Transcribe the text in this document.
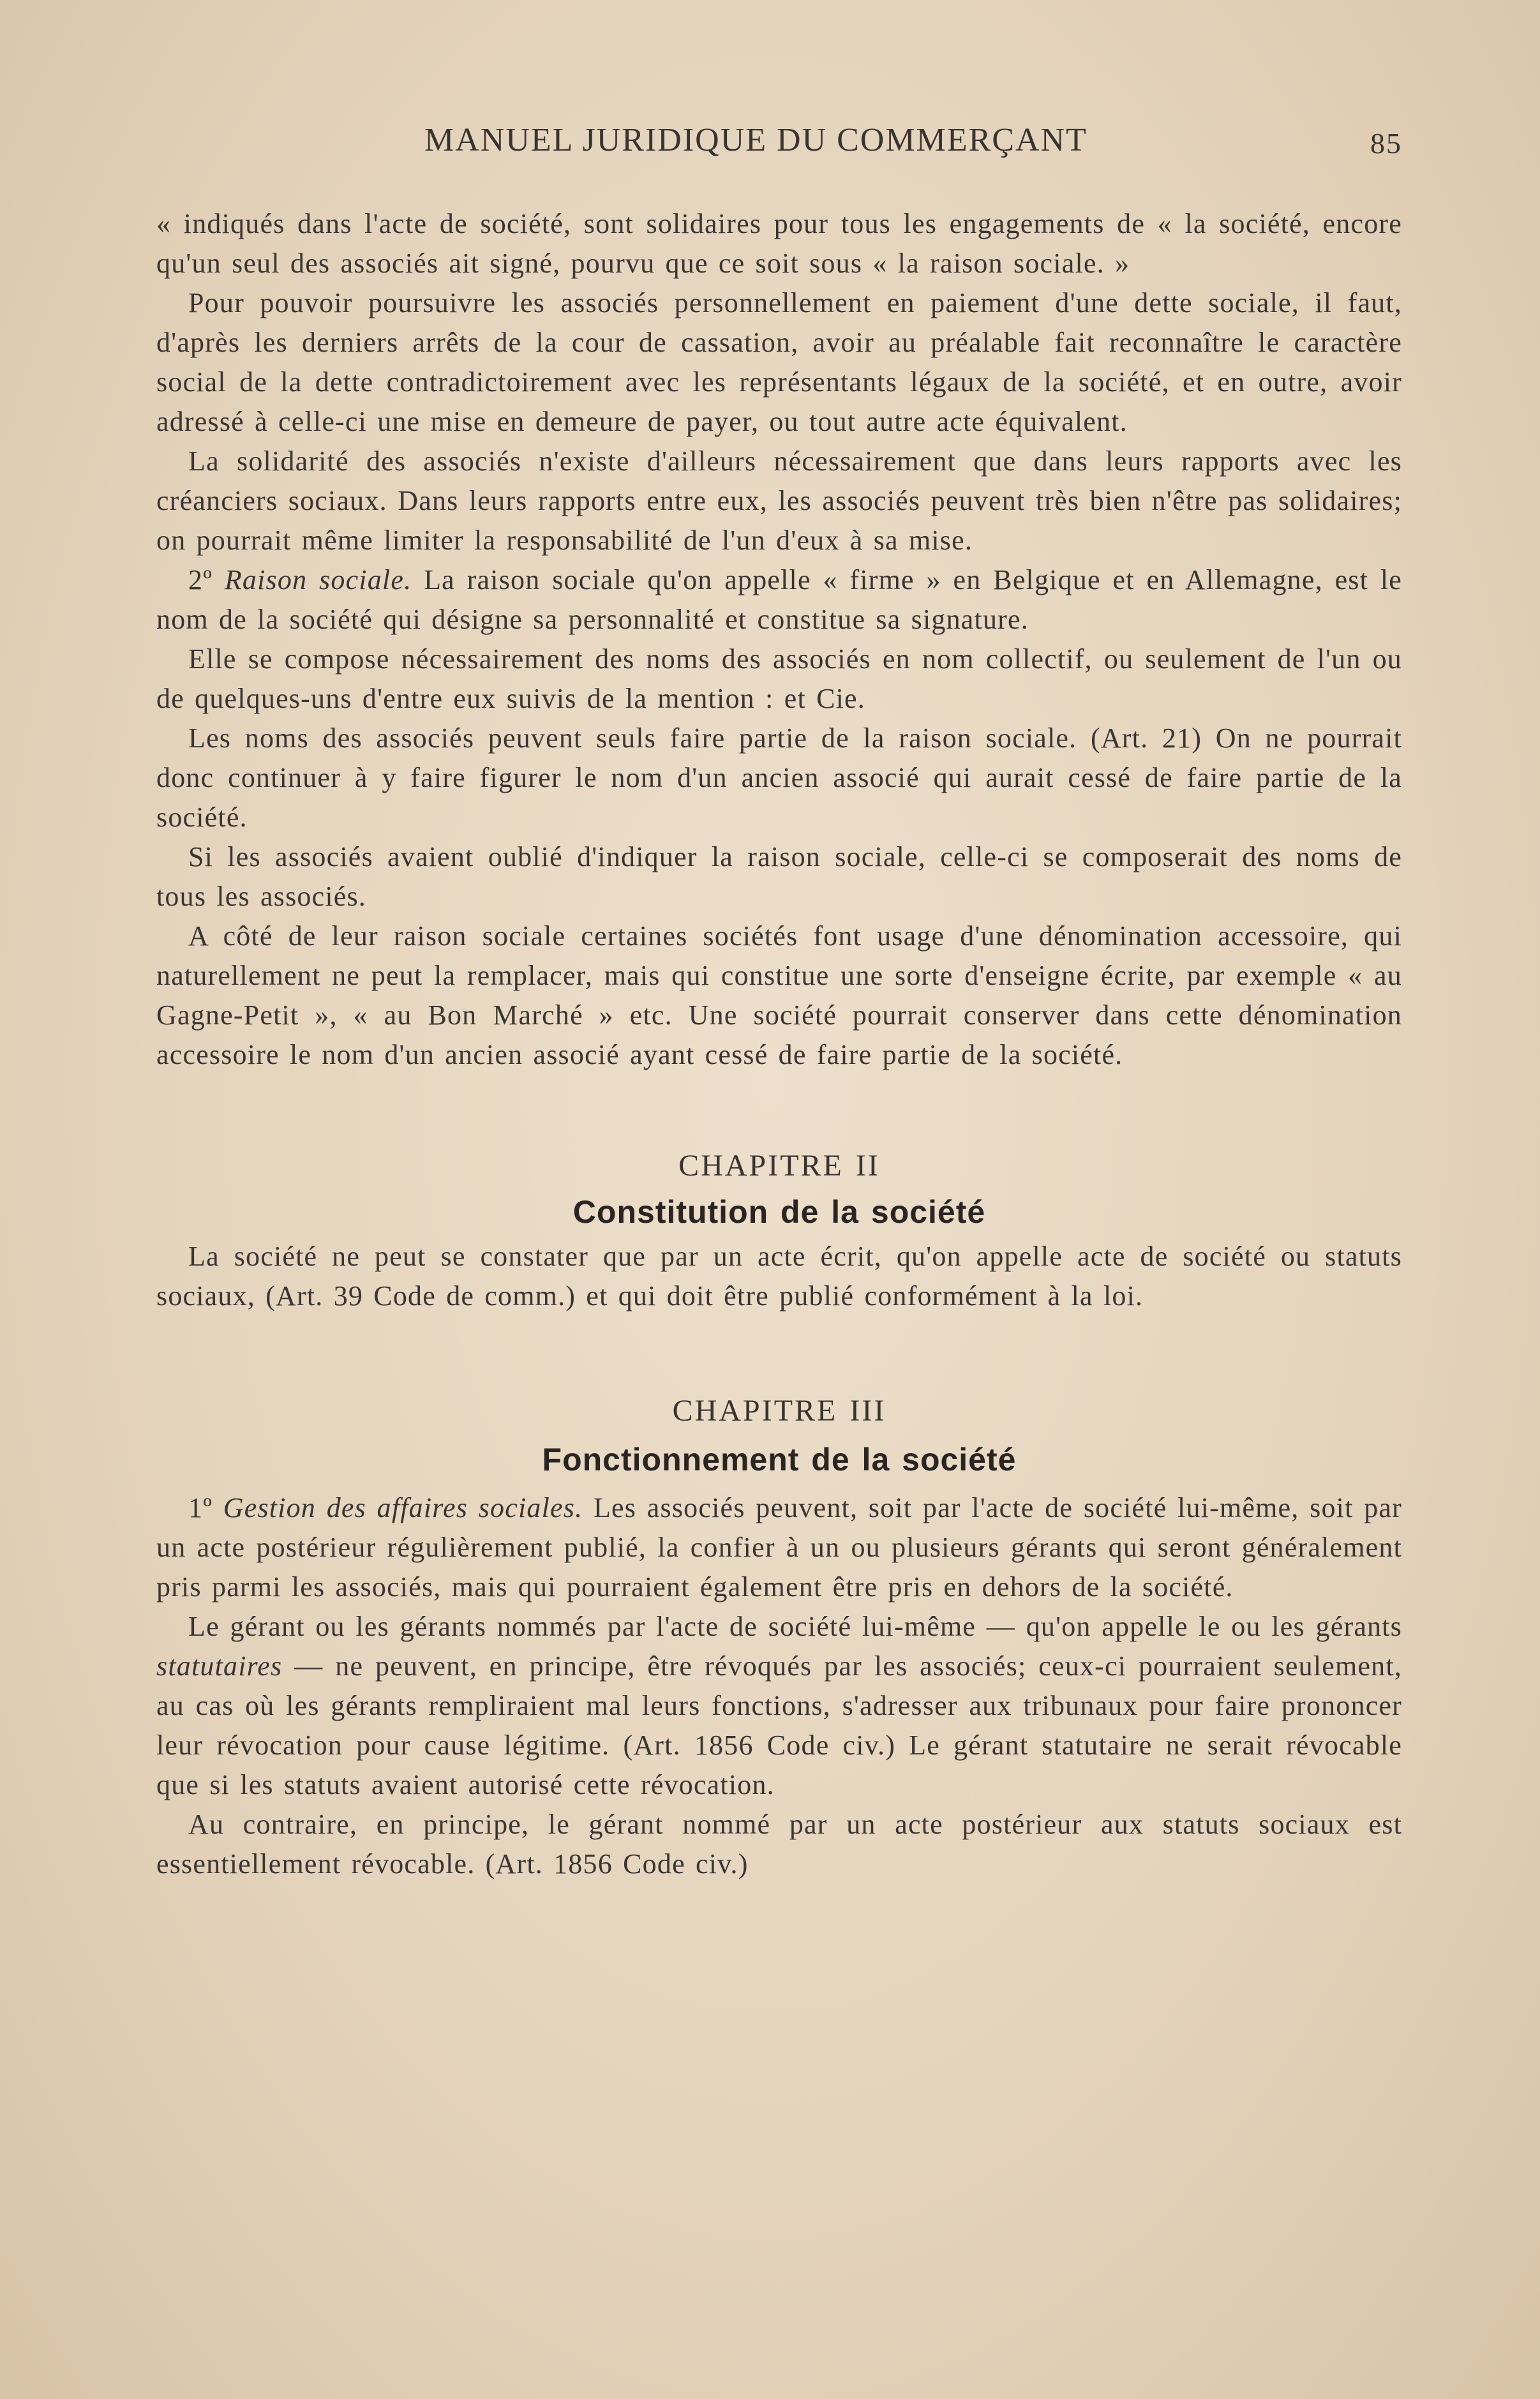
MANUEL JURIDIQUE DU COMMERÇANT	85

« indiqués dans l'acte de société, sont solidaires pour tous les engagements de « la société, encore qu'un seul des associés ait signé, pourvu que ce soit sous « la raison sociale. »

Pour pouvoir poursuivre les associés personnellement en paiement d'une dette sociale, il faut, d'après les derniers arrêts de la cour de cassation, avoir au préalable fait reconnaître le caractère social de la dette contradictoirement avec les représentants légaux de la société, et en outre, avoir adressé à celle-ci une mise en demeure de payer, ou tout autre acte équivalent.

La solidarité des associés n'existe d'ailleurs nécessairement que dans leurs rapports avec les créanciers sociaux. Dans leurs rapports entre eux, les associés peuvent très bien n'être pas solidaires; on pourrait même limiter la responsabilité de l'un d'eux à sa mise.

2º Raison sociale. La raison sociale qu'on appelle « firme » en Belgique et en Allemagne, est le nom de la société qui désigne sa personnalité et constitue sa signature.

Elle se compose nécessairement des noms des associés en nom collectif, ou seulement de l'un ou de quelques-uns d'entre eux suivis de la mention : et Cie.

Les noms des associés peuvent seuls faire partie de la raison sociale. (Art. 21) On ne pourrait donc continuer à y faire figurer le nom d'un ancien associé qui aurait cessé de faire partie de la société.

Si les associés avaient oublié d'indiquer la raison sociale, celle-ci se composerait des noms de tous les associés.

A côté de leur raison sociale certaines sociétés font usage d'une dénomination accessoire, qui naturellement ne peut la remplacer, mais qui constitue une sorte d'enseigne écrite, par exemple « au Gagne-Petit », « au Bon Marché » etc. Une société pourrait conserver dans cette dénomination accessoire le nom d'un ancien associé ayant cessé de faire partie de la société.

CHAPITRE II

Constitution de la société

La société ne peut se constater que par un acte écrit, qu'on appelle acte de société ou statuts sociaux, (Art. 39 Code de comm.) et qui doit être publié conformément à la loi.

CHAPITRE III

Fonctionnement de la société

1º Gestion des affaires sociales. Les associés peuvent, soit par l'acte de société lui-même, soit par un acte postérieur régulièrement publié, la confier à un ou plusieurs gérants qui seront généralement pris parmi les associés, mais qui pourraient également être pris en dehors de la société.

Le gérant ou les gérants nommés par l'acte de société lui-même — qu'on appelle le ou les gérants statutaires — ne peuvent, en principe, être révoqués par les associés; ceux-ci pourraient seulement, au cas où les gérants rempliraient mal leurs fonctions, s'adresser aux tribunaux pour faire prononcer leur révocation pour cause légitime. (Art. 1856 Code civ.) Le gérant statutaire ne serait révocable que si les statuts avaient autorisé cette révocation.

Au contraire, en principe, le gérant nommé par un acte postérieur aux statuts sociaux est essentiellement révocable. (Art. 1856 Code civ.)
